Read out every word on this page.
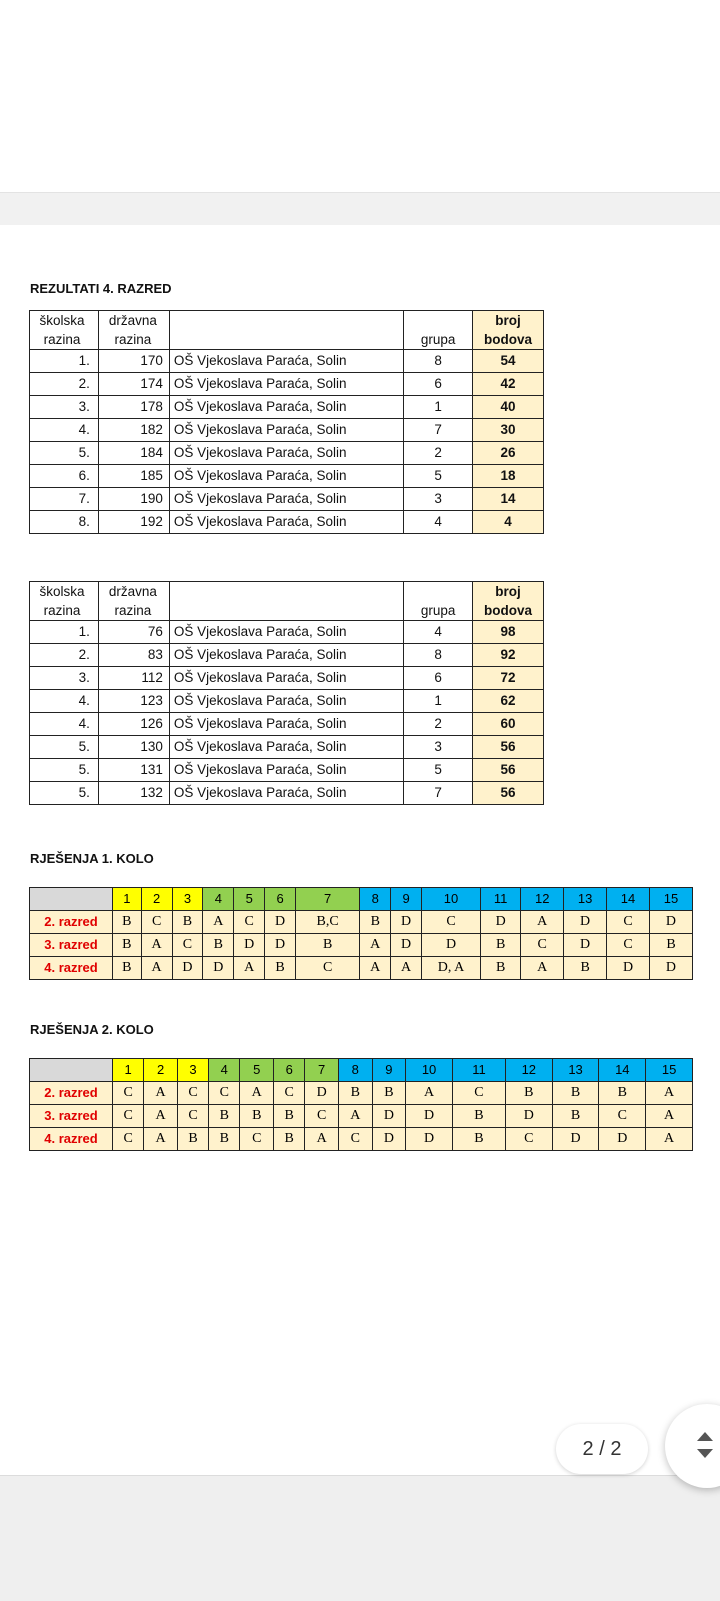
REZULTATI 4. RAZRED
školska	državna			broj
razina	razina		grupa	bodova
1.	170	OŠ Vjekoslava Paraća, Solin	8	54
2.	174	OŠ Vjekoslava Paraća, Solin	6	42
3.	178	OŠ Vjekoslava Paraća, Solin	1	40
4.	182	OŠ Vjekoslava Paraća, Solin	7	30
5.	184	OŠ Vjekoslava Paraća, Solin	2	26
6.	185	OŠ Vjekoslava Paraća, Solin	5	18
7.	190	OŠ Vjekoslava Paraća, Solin	3	14
8.	192	OŠ Vjekoslava Paraća, Solin	4	4
školska	državna			broj
razina	razina		grupa	bodova
1.	76	OŠ Vjekoslava Paraća, Solin	4	98
2.	83	OŠ Vjekoslava Paraća, Solin	8	92
3.	112	OŠ Vjekoslava Paraća, Solin	6	72
4.	123	OŠ Vjekoslava Paraća, Solin	1	62
4.	126	OŠ Vjekoslava Paraća, Solin	2	60
5.	130	OŠ Vjekoslava Paraća, Solin	3	56
5.	131	OŠ Vjekoslava Paraća, Solin	5	56
5.	132	OŠ Vjekoslava Paraća, Solin	7	56
RJEŠENJA 1. KOLO
	1	2	3	4	5	6	7	8	9	10	11	12	13	14	15
2. razred	B	C	B	A	C	D	B,C	B	D	C	D	A	D	C	D
3. razred	B	A	C	B	D	D	B	A	D	D	B	C	D	C	B
4. razred	B	A	D	D	A	B	C	A	A	D, A	B	A	B	D	D
RJEŠENJA 2. KOLO
	1	2	3	4	5	6	7	8	9	10	11	12	13	14	15
2. razred	C	A	C	C	A	C	D	B	B	A	C	B	B	B	A
3. razred	C	A	C	B	B	B	C	A	D	D	B	D	B	C	A
4. razred	C	A	B	B	C	B	A	C	D	D	B	C	D	D	A
2 / 2
